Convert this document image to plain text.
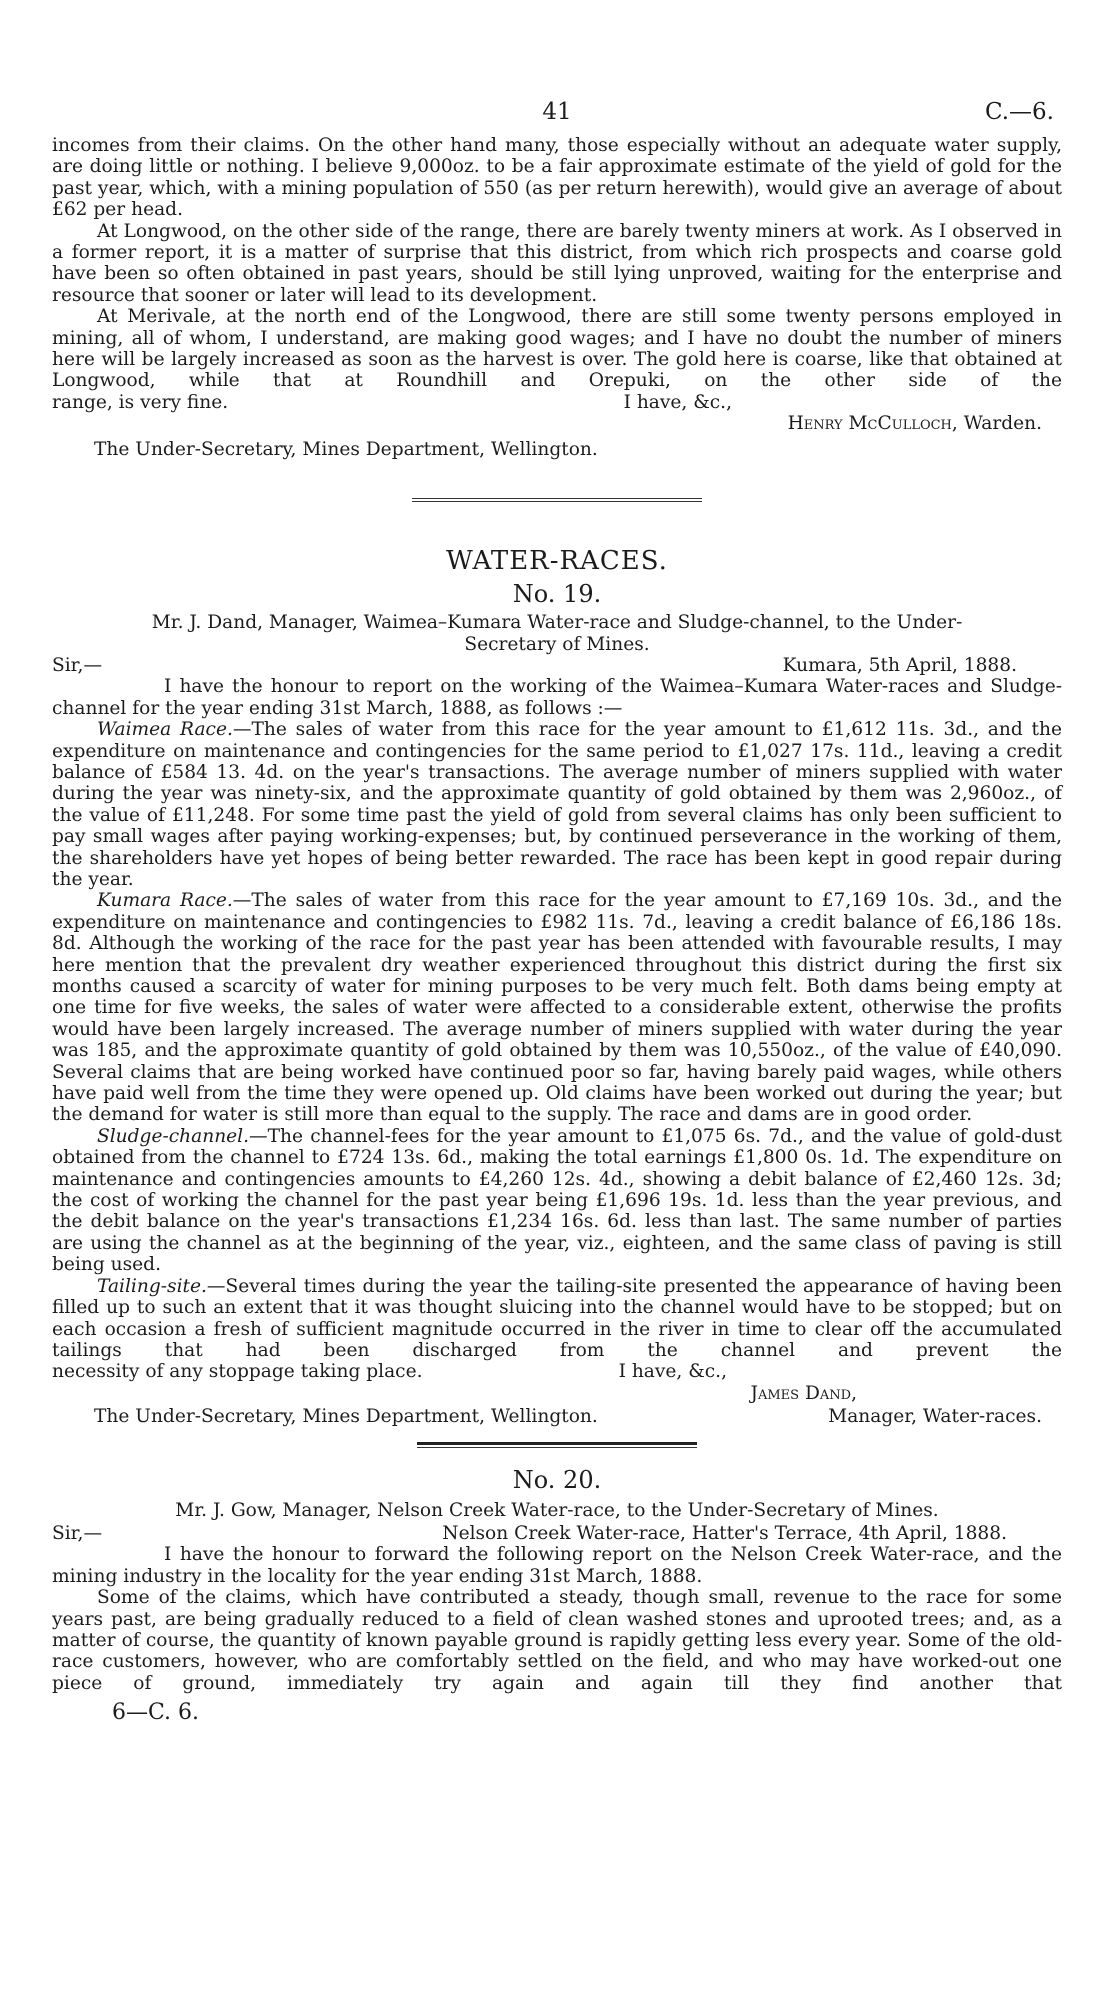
41	C.—6.

incomes from their claims. On the other hand many, those especially without an adequate water supply, are doing little or nothing. I believe 9,000oz. to be a fair approximate estimate of the yield of gold for the past year, which, with a mining population of 550 (as per return herewith), would give an average of about £62 per head.

At Longwood, on the other side of the range, there are barely twenty miners at work. As I observed in a former report, it is a matter of surprise that this district, from which rich prospects and coarse gold have been so often obtained in past years, should be still lying unproved, waiting for the enterprise and resource that sooner or later will lead to its development.

At Merivale, at the north end of the Longwood, there are still some twenty persons employed in mining, all of whom, I understand, are making good wages; and I have no doubt the number of miners here will be largely increased as soon as the harvest is over. The gold here is coarse, like that obtained at Longwood, while that at Roundhill and Orepuki, on the other side of the

range, is very fine.	I have, &c.,
Henry McCulloch, Warden.

The Under-Secretary, Mines Department, Wellington.

WATER-RACES.
No. 19.
Mr. J. Dand, Manager, Waimea–Kumara Water-race and Sludge-channel, to the Under-
Secretary of Mines.
Sir,—	Kumara, 5th April, 1888.

I have the honour to report on the working of the Waimea–Kumara Water-races and Sludge-channel for the year ending 31st March, 1888, as follows :—

Waimea Race.—The sales of water from this race for the year amount to £1,612 11s. 3d., and the expenditure on maintenance and contingencies for the same period to £1,027 17s. 11d., leaving a credit balance of £584 13. 4d. on the year's transactions. The average number of miners supplied with water during the year was ninety-six, and the approximate quantity of gold obtained by them was 2,960oz., of the value of £11,248. For some time past the yield of gold from several claims has only been sufficient to pay small wages after paying working-expenses; but, by continued perseverance in the working of them, the shareholders have yet hopes of being better rewarded. The race has been kept in good repair during the year.

Kumara Race.—The sales of water from this race for the year amount to £7,169 10s. 3d., and the expenditure on maintenance and contingencies to £982 11s. 7d., leaving a credit balance of £6,186 18s. 8d. Although the working of the race for the past year has been attended with favourable results, I may here mention that the prevalent dry weather experienced throughout this district during the first six months caused a scarcity of water for mining purposes to be very much felt. Both dams being empty at one time for five weeks, the sales of water were affected to a considerable extent, otherwise the profits would have been largely increased. The average number of miners supplied with water during the year was 185, and the approximate quantity of gold obtained by them was 10,550oz., of the value of £40,090. Several claims that are being worked have continued poor so far, having barely paid wages, while others have paid well from the time they were opened up. Old claims have been worked out during the year; but the demand for water is still more than equal to the supply. The race and dams are in good order.

Sludge-channel.—The channel-fees for the year amount to £1,075 6s. 7d., and the value of gold-dust obtained from the channel to £724 13s. 6d., making the total earnings £1,800 0s. 1d. The expenditure on maintenance and contingencies amounts to £4,260 12s. 4d., showing a debit balance of £2,460 12s. 3d; the cost of working the channel for the past year being £1,696 19s. 1d. less than the year previous, and the debit balance on the year's transactions £1,234 16s. 6d. less than last. The same number of parties are using the channel as at the beginning of the year, viz., eighteen, and the same class of paving is still being used.

Tailing-site.—Several times during the year the tailing-site presented the appearance of having been filled up to such an extent that it was thought sluicing into the channel would have to be stopped; but on each occasion a fresh of sufficient magnitude occurred in the river in time to clear off the accumulated tailings that had been discharged from the channel and prevent the

necessity of any stoppage taking place.	I have, &c.,
James Dand,
The Under-Secretary, Mines Department, Wellington.	Manager, Water-races.
No. 20.
Mr. J. Gow, Manager, Nelson Creek Water-race, to the Under-Secretary of Mines.
Sir,—	Nelson Creek Water-race, Hatter's Terrace, 4th April, 1888.

I have the honour to forward the following report on the Nelson Creek Water-race, and the mining industry in the locality for the year ending 31st March, 1888.

Some of the claims, which have contributed a steady, though small, revenue to the race for some years past, are being gradually reduced to a field of clean washed stones and uprooted trees; and, as a matter of course, the quantity of known payable ground is rapidly getting less every year. Some of the old-race customers, however, who are comfortably settled on the field, and who may have worked-out one piece of ground, immediately try again and again till they find another that

6—C. 6.
